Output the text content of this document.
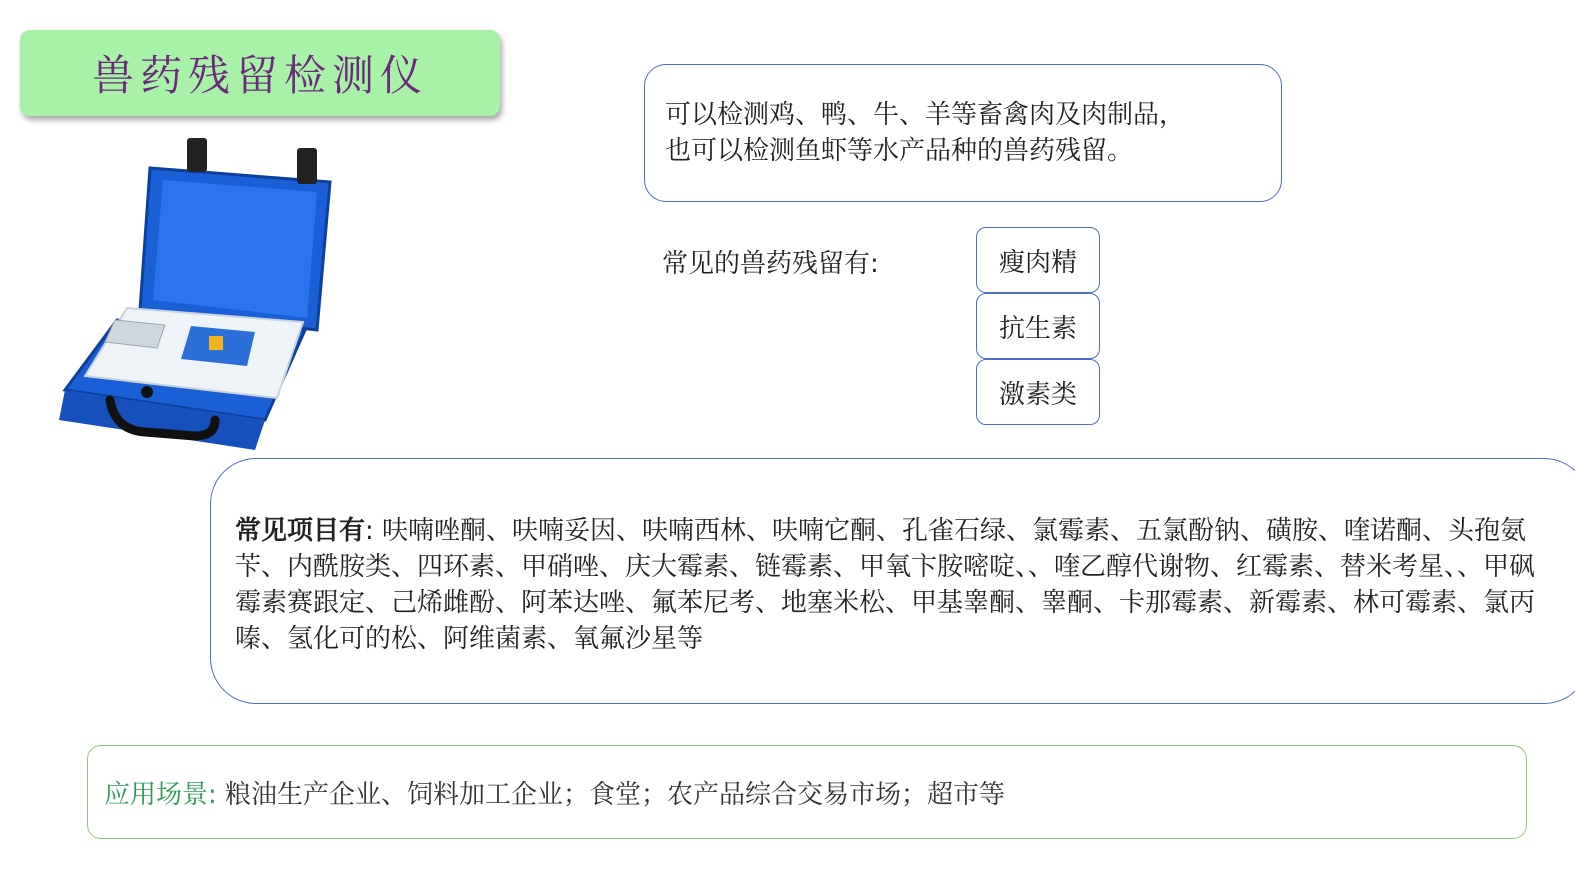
兽药残留检测仪
可以检测鸡、鸭、牛、羊等畜禽肉及肉制品，
也可以检测鱼虾等水产品种的兽药残留。
常见的兽药残留有:	瘦肉精
抗生素
激素类
常见项目有: 呋喃唑酮、呋喃妥因、呋喃西林、呋喃它酮、孔雀石绿、氯霉素、五氯酚钠、磺胺、喹诺酮、头孢氨苄、内酰胺类、四环素、甲硝唑、庆大霉素、链霉素、甲氧卞胺嘧啶、、喹乙醇代谢物、红霉素、替米考星、、甲砜霉素赛跟定、己烯雌酚、阿苯达唑、氟苯尼考、地塞米松、甲基睾酮、睾酮、卡那霉素、新霉素、林可霉素、氯丙嗪、氢化可的松、阿维菌素、氧氟沙星等
应用场景: 粮油生产企业、饲料加工企业；食堂；农产品综合交易市场；超市等
